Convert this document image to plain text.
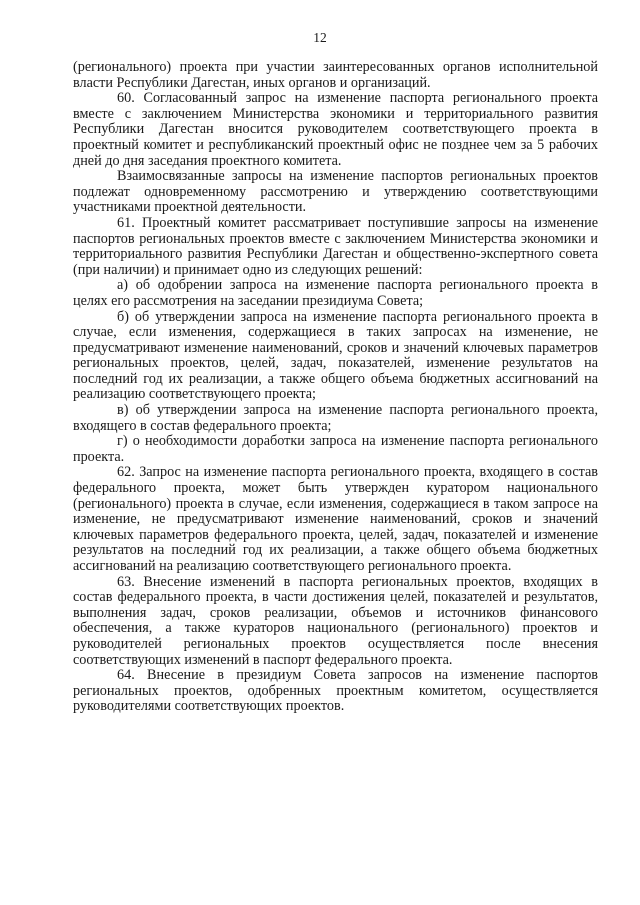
12

(регионального) проекта при участии заинтересованных органов исполнительной власти Республики Дагестан, иных органов и организаций.

60. Согласованный запрос на изменение паспорта регионального проекта вместе с заключением Министерства экономики и территориального развития Республики Дагестан вносится руководителем соответствующего проекта в проектный комитет и республиканский проектный офис не позднее чем за 5 рабочих дней до дня заседания проектного комитета.

Взаимосвязанные запросы на изменение паспортов региональных проектов подлежат одновременному рассмотрению и утверждению соответствующими участниками проектной деятельности.

61. Проектный комитет рассматривает поступившие запросы на изменение паспортов региональных проектов вместе с заключением Министерства экономики и территориального развития Республики Дагестан и общественно-экспертного совета (при наличии) и принимает одно из следующих решений:

а) об одобрении запроса на изменение паспорта регионального проекта в целях его рассмотрения на заседании президиума Совета;

б) об утверждении запроса на изменение паспорта регионального проекта в случае, если изменения, содержащиеся в таких запросах на изменение, не предусматривают изменение наименований, сроков и значений ключевых параметров региональных проектов, целей, задач, показателей, изменение результатов на последний год их реализации, а также общего объема бюджетных ассигнований на реализацию соответствующего проекта;

в) об утверждении запроса на изменение паспорта регионального проекта, входящего в состав федерального проекта;

г) о необходимости доработки запроса на изменение паспорта регионального проекта.

62. Запрос на изменение паспорта регионального проекта, входящего в состав федерального проекта, может быть утвержден куратором национального (регионального) проекта в случае, если изменения, содержащиеся в таком запросе на изменение, не предусматривают изменение наименований, сроков и значений ключевых параметров федерального проекта, целей, задач, показателей и изменение результатов на последний год их реализации, а также общего объема бюджетных ассигнований на реализацию соответствующего регионального проекта.

63. Внесение изменений в паспорта региональных проектов, входящих в состав федерального проекта, в части достижения целей, показателей и результатов, выполнения задач, сроков реализации, объемов и источников финансового обеспечения, а также кураторов национального (регионального) проектов и руководителей региональных проектов осуществляется после внесения соответствующих изменений в паспорт федерального проекта.

64. Внесение в президиум Совета запросов на изменение паспортов региональных проектов, одобренных проектным комитетом, осуществляется руководителями соответствующих проектов.
